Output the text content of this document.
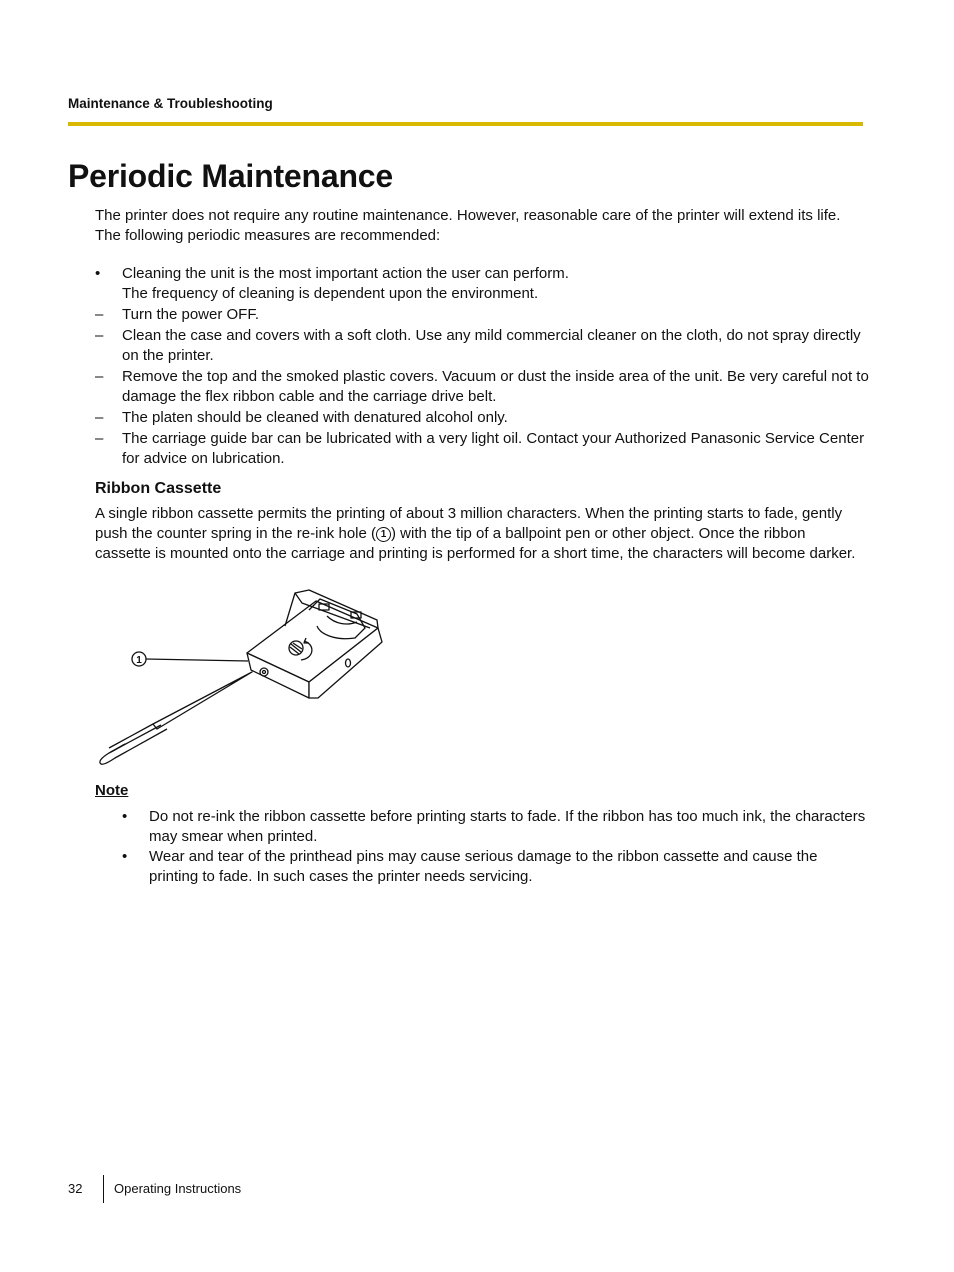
Maintenance & Troubleshooting
Periodic Maintenance

The printer does not require any routine maintenance. However, reasonable care of the printer will extend its life. The following periodic measures are recommended:

• Cleaning the unit is the most important action the user can perform.
The frequency of cleaning is dependent upon the environment.
– Turn the power OFF.
– Clean the case and covers with a soft cloth. Use any mild commercial cleaner on the cloth, do not spray directly on the printer.
– Remove the top and the smoked plastic covers. Vacuum or dust the inside area of the unit. Be very careful not to damage the flex ribbon cable and the carriage drive belt.
– The platen should be cleaned with denatured alcohol only.
– The carriage guide bar can be lubricated with a very light oil. Contact your Authorized Panasonic Service Center for advice on lubrication.
Ribbon Cassette

A single ribbon cassette permits the printing of about 3 million characters. When the printing starts to fade, gently push the counter spring in the re-ink hole ( 1 ) with the tip of a ballpoint pen or other object. Once the ribbon cassette is mounted onto the carriage and printing is performed for a short time, the characters will become darker.

1
Note
• Do not re-ink the ribbon cassette before printing starts to fade. If the ribbon has too much ink, the characters may smear when printed.
• Wear and tear of the printhead pins may cause serious damage to the ribbon cassette and cause the printing to fade. In such cases the printer needs servicing.
32 Operating Instructions
